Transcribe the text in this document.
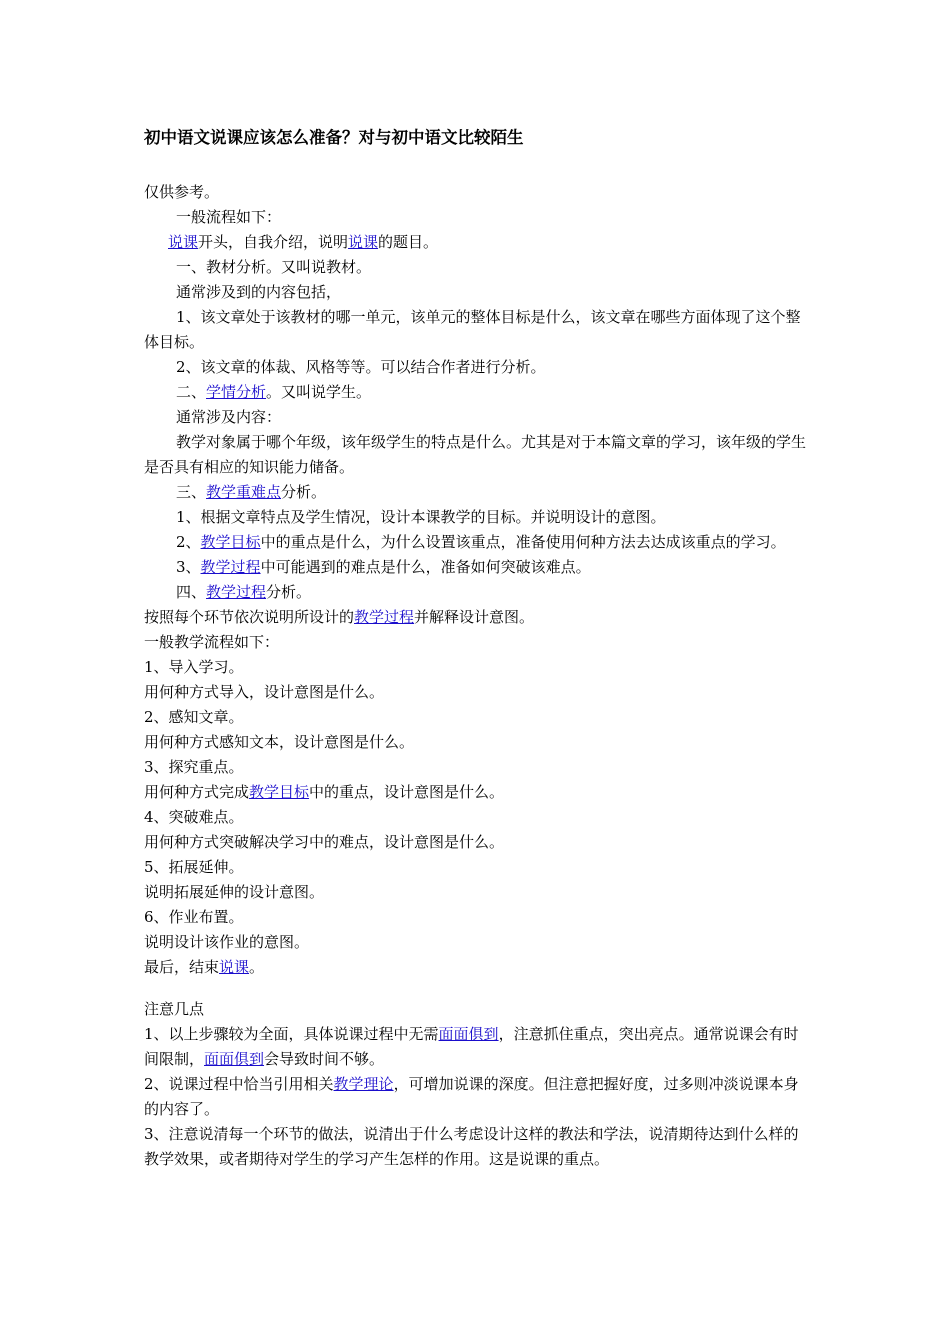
初中语文说课应该怎么准备？对与初中语文比较陌生

仅供参考。

一般流程如下：

说课开头，自我介绍，说明说课的题目。

一、教材分析。又叫说教材。

通常涉及到的内容包括，

1、该文章处于该教材的哪一单元，该单元的整体目标是什么，该文章在哪些方面体现了这个整体目标。

2、该文章的体裁、风格等等。可以结合作者进行分析。

二、学情分析。又叫说学生。

通常涉及内容：

教学对象属于哪个年级，该年级学生的特点是什么。尤其是对于本篇文章的学习，该年级的学生是否具有相应的知识能力储备。

三、教学重难点分析。

1、根据文章特点及学生情况，设计本课教学的目标。并说明设计的意图。

2、教学目标中的重点是什么，为什么设置该重点，准备使用何种方法去达成该重点的学习。

3、教学过程中可能遇到的难点是什么，准备如何突破该难点。

四、教学过程分析。

按照每个环节依次说明所设计的教学过程并解释设计意图。

一般教学流程如下：

1、导入学习。

用何种方式导入，设计意图是什么。

2、感知文章。

用何种方式感知文本，设计意图是什么。

3、探究重点。

用何种方式完成教学目标中的重点，设计意图是什么。

4、突破难点。

用何种方式突破解决学习中的难点，设计意图是什么。

5、拓展延伸。

说明拓展延伸的设计意图。

6、作业布置。

说明设计该作业的意图。

最后，结束说课。

注意几点

1、以上步骤较为全面，具体说课过程中无需面面俱到，注意抓住重点，突出亮点。通常说课会有时间限制，面面俱到会导致时间不够。

2、说课过程中恰当引用相关教学理论，可增加说课的深度。但注意把握好度，过多则冲淡说课本身的内容了。

3、注意说清每一个环节的做法，说清出于什么考虑设计这样的教法和学法，说清期待达到什么样的教学效果，或者期待对学生的学习产生怎样的作用。这是说课的重点。
